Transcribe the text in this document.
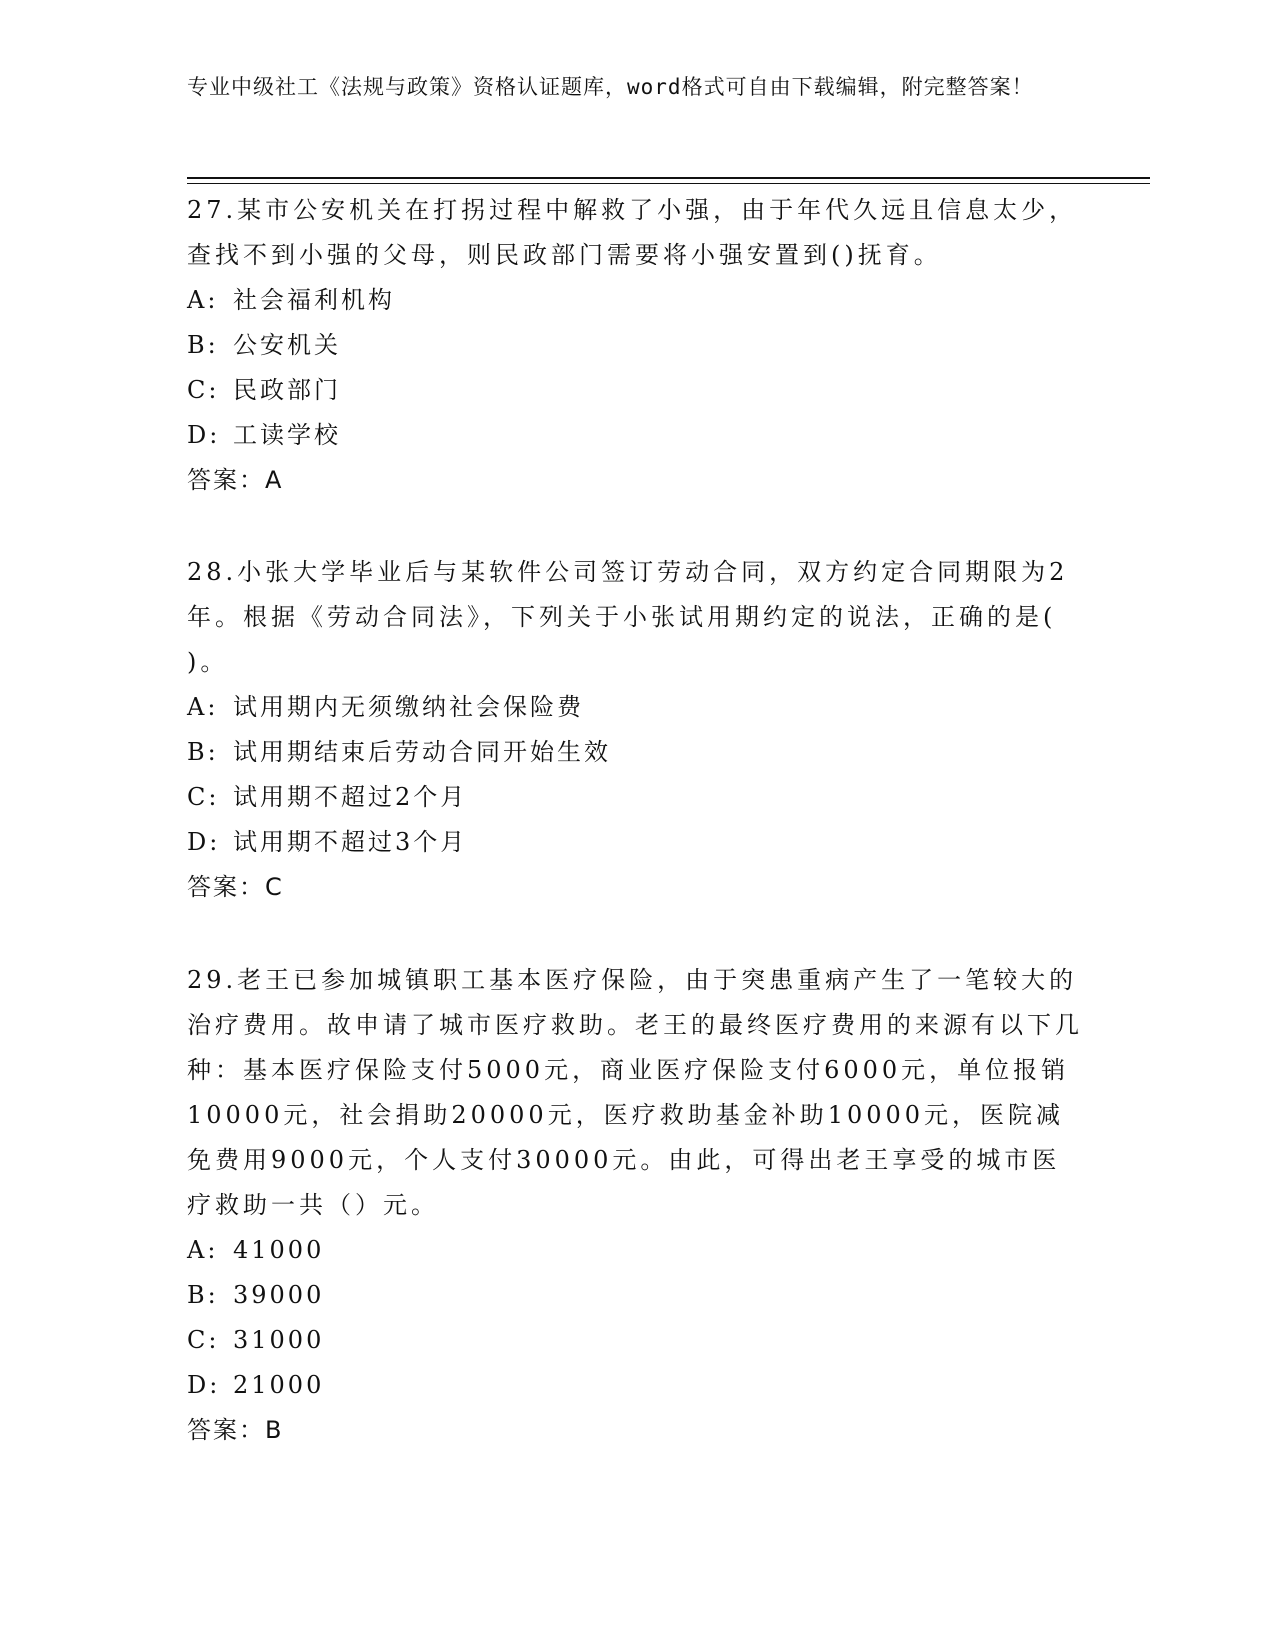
专业中级社工《法规与政策》资格认证题库，word格式可自由下载编辑，附完整答案！

27.某市公安机关在打拐过程中解救了小强，由于年代久远且信息太少，查找不到小强的父母，则民政部门需要将小强安置到()抚育。

A: 社会福利机构

B: 公安机关

C: 民政部门

D: 工读学校

答案：A

28.小张大学毕业后与某软件公司签订劳动合同，双方约定合同期限为2年。根据《劳动合同法》，下列关于小张试用期约定的说法，正确的是( )。

A: 试用期内无须缴纳社会保险费

B: 试用期结束后劳动合同开始生效

C: 试用期不超过2个月

D: 试用期不超过3个月

答案：C

29.老王已参加城镇职工基本医疗保险，由于突患重病产生了一笔较大的治疗费用。故申请了城市医疗救助。老王的最终医疗费用的来源有以下几种：基本医疗保险支付5000元，商业医疗保险支付6000元，单位报销10000元，社会捐助20000元，医疗救助基金补助10000元，医院减免费用9000元，个人支付30000元。由此，可得出老王享受的城市医疗救助一共（）元。

A: 41000

B: 39000

C: 31000

D: 21000

答案：B
